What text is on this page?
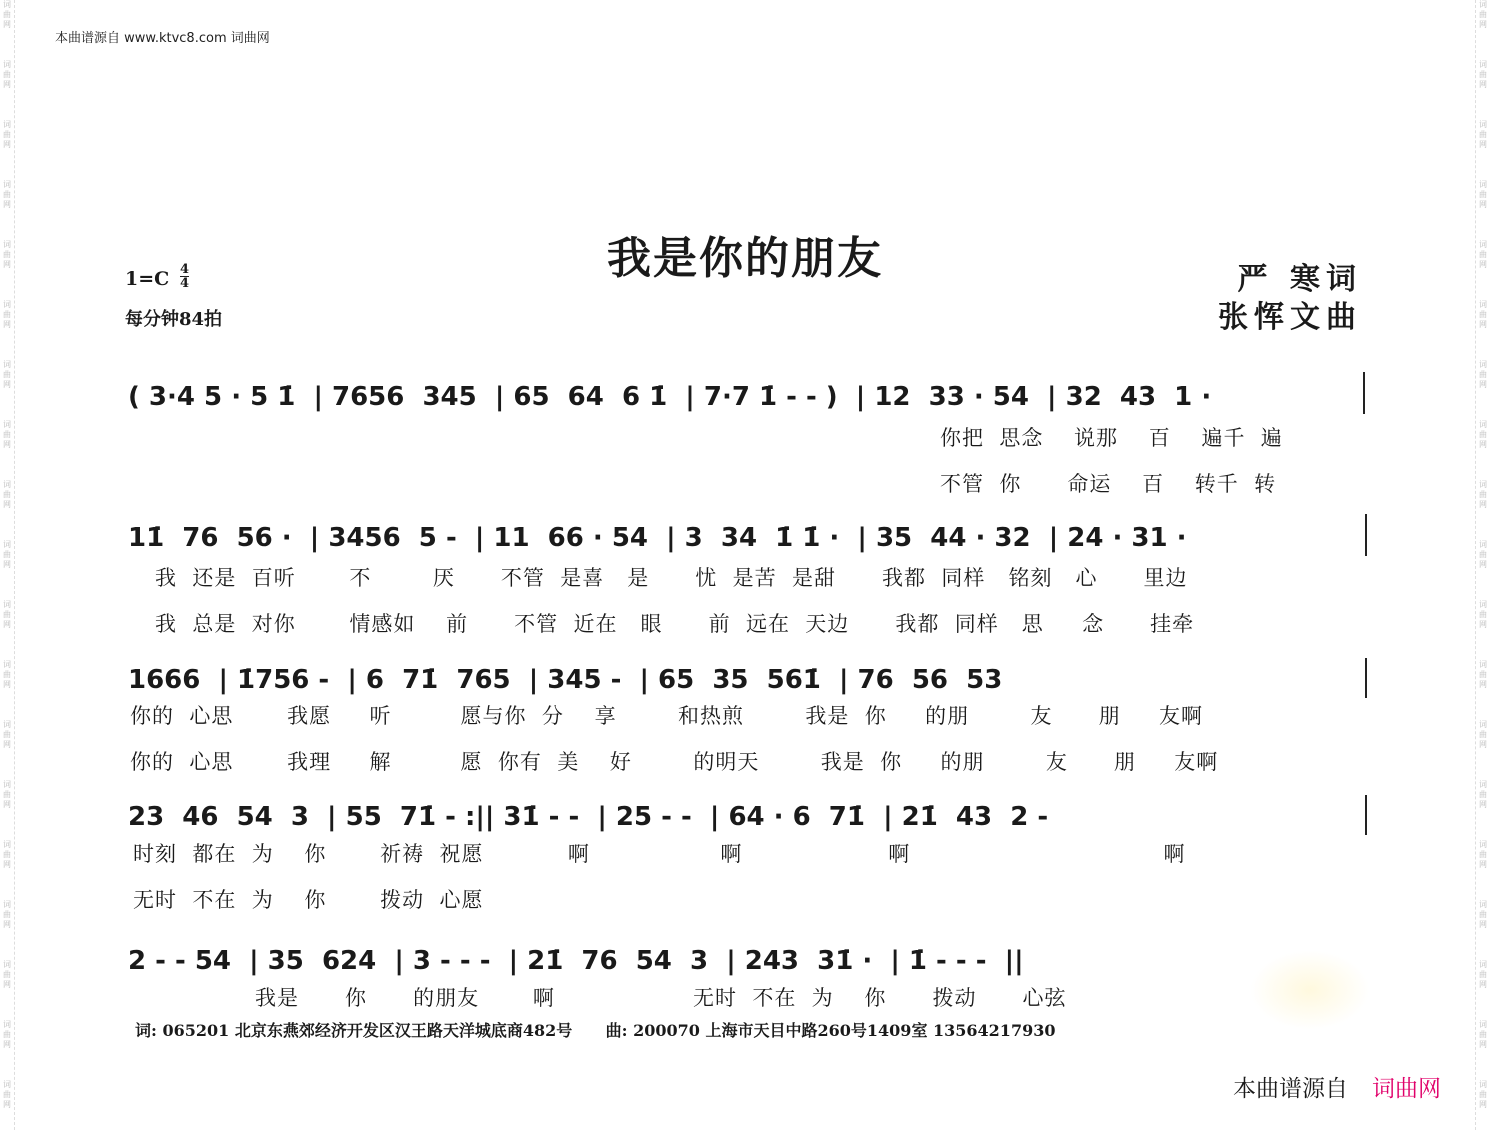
本曲谱源自 www.ktvc8.com 词曲网
我是你的朋友
1=C 4
4
每分钟84拍
严 寒词
张恽文曲
( 3·4 5 · 5 1̇  | 7656  345  | 65  64  6 1̇  | 7·7 1̇ - - )  | 12  33 · 54  | 32  43  1 ·
你把  思念    说那    百    遍千  遍
不管  你      命运    百    转千  转
11̇  76  56 ·  | 3456  5 -  | 11  66 · 54  | 3  34  1̇ 1̇ ·  | 35  44 · 32  | 24 · 31 ·
我  还是  百听       不        厌      不管  是喜   是      忧  是苦  是甜      我都  同样   铭刻   心      里边
我  总是  对你       情感如    前      不管  近在   眼      前  远在  天边      我都  同样   思     念      挂牵
1666  | 1̇756 -  | 6  71̇  765  | 345 -  | 65  35  561̇  | 76  56  53
你的  心思       我愿     听         愿与你  分    享        和热煎        我是  你     的朋        友      朋     友啊
你的  心思       我理     解         愿  你有  美    好        的明天        我是  你     的朋        友      朋     友啊
23  46  54  3  | 55  71̇ - :|| 31̇ - -  | 25 - -  | 64 · 6  71̇  | 21̇  43  2 -
时刻  都在  为    你       祈祷  祝愿           啊                 啊                   啊                                 啊
无时  不在  为    你       拨动  心愿
2 - - 54  | 35  624  | 3 - - -  | 21̇  76  54  3  | 243  31̇ ·  | 1̇ - - -  ||
我是      你      的朋友       啊                  无时  不在  为    你      拨动      心弦
词: 065201 北京东燕郊经济开发区汉王路天洋城底商482号      曲: 200070 上海市天目中路260号1409室 13564217930
本曲谱源自 词曲网
词
曲
网
词
曲
网
词
曲
网
词
曲
网
词
曲
网
词
曲
网
词
曲
网
词
曲
网
词
曲
网
词
曲
网
词
曲
网
词
曲
网
词
曲
网
词
曲
网
词
曲
网
词
曲
网
词
曲
网
词
曲
网
词
曲
网
词
曲
网
词
曲
网
词
曲
网
词
曲
网
词
曲
网
词
曲
网
词
曲
网
词
曲
网
词
曲
网
词
曲
网
词
曲
网
词
曲
网
词
曲
网
词
曲
网
词
曲
网
词
曲
网
词
曲
网
词
曲
网
词
曲
网
